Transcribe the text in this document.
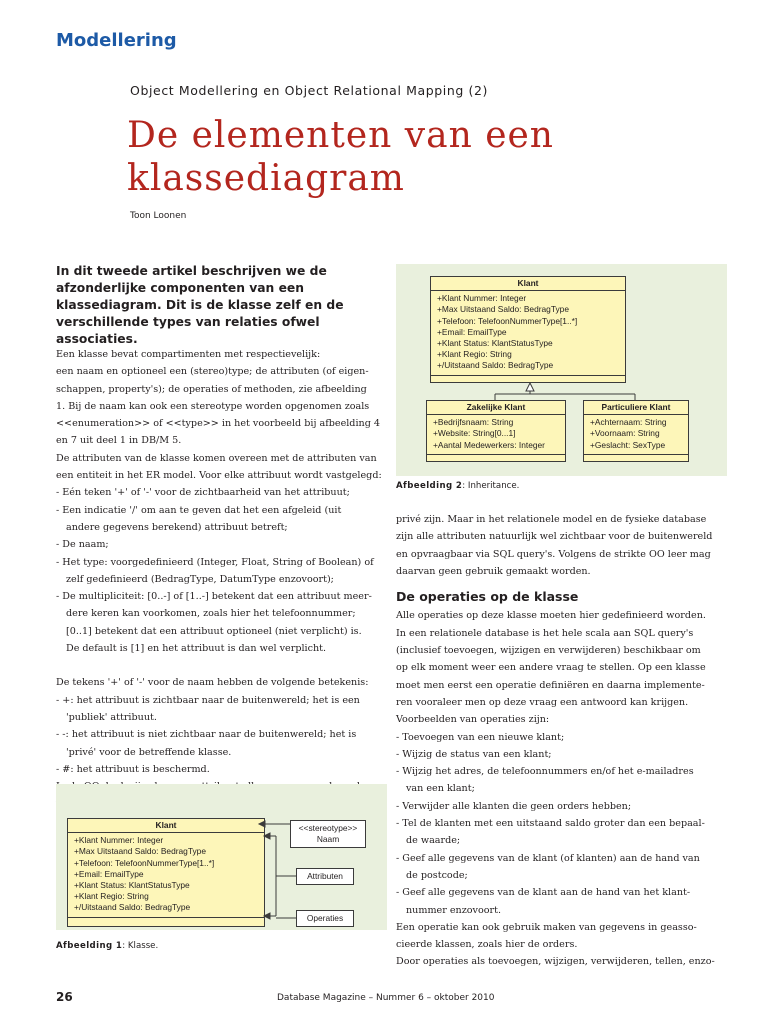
Modellering
Object Modellering en Object Relational Mapping (2)
De elementen van een
klassediagram
Toon Loonen
In dit tweede artikel beschrijven we de afzonderlijke componenten van een klassediagram. Dit is de klasse zelf en de verschillende types van relaties ofwel associaties.

Een klasse bevat compartimenten met respectievelijk:

een naam en optioneel een (stereo)type; de attributen (of eigen-

schappen, property's); de operaties of methoden, zie afbeelding

1. Bij de naam kan ook een stereotype worden opgenomen zoals

<<enumeration>> of <<type>> in het voorbeeld bij afbeelding 4

en 7 uit deel 1 in DB/M 5.

De attributen van de klasse komen overeen met de attributen van

een entiteit in het ER model. Voor elke attribuut wordt vastgelegd:

- Eén teken '+' of '-' voor de zichtbaarheid van het attribuut;

- Een indicatie '/' om aan te geven dat het een afgeleid (uit

andere gegevens berekend) attribuut betreft;

- De naam;

- Het type: voorgedefinieerd (Integer, Float, String of Boolean) of

zelf gedefinieerd (BedragType, DatumType enzovoort);

- De multipliciteit: [0..-] of [1..-] betekent dat een attribuut meer-

dere keren kan voorkomen, zoals hier het telefoonnummer;

[0..1] betekent dat een attribuut optioneel (niet verplicht) is.

De default is [1] en het attribuut is dan wel verplicht.

De tekens '+' of '-' voor de naam hebben de volgende betekenis:

- +: het attribuut is zichtbaar naar de buitenwereld; het is een

'publiek' attribuut.

- -: het attribuut is niet zichtbaar naar de buitenwereld; het is

'privé' voor de betreffende klasse.

- #: het attribuut is beschermd.

Klant
+Klant Nummer: Integer
+Max Uitstaand Saldo: BedragType
+Telefoon: TelefoonNummerType[1..*]
+Email: EmailType
+Klant Status: KlantStatusType
+Klant Regio: String
+/Uitstaand Saldo: BedragType
<<stereotype>>
Naam
Attributen
Operaties
Afbeelding 1: Klasse.
Klant
+Klant Nummer: Integer
+Max Uitstaand Saldo: BedragType
+Telefoon: TelefoonNummerType[1..*]
+Email: EmailType
+Klant Status: KlantStatusType
+Klant Regio: String
+/Uitstaand Saldo: BedragType
Zakelijke Klant
+Bedrijfsnaam: String
+Website: String[0...1]
+Aantal Medewerkers: Integer
Particuliere Klant
+Achternaam: String
+Voornaam: String
+Geslacht: SexType
Afbeelding 2: Inheritance.

privé zijn. Maar in het relationele model en de fysieke database

zijn alle attributen natuurlijk wel zichtbaar voor de buitenwereld

en opvraagbaar via SQL query's. Volgens de strikte OO leer mag

daarvan geen gebruik gemaakt worden.

De operaties op de klasse

Alle operaties op deze klasse moeten hier gedefinieerd worden.

In een relationele database is het hele scala aan SQL query's

(inclusief toevoegen, wijzigen en verwijderen) beschikbaar om

op elk moment weer een andere vraag te stellen. Op een klasse

moet men eerst een operatie definiëren en daarna implemente-

ren vooraleer men op deze vraag een antwoord kan krijgen.

Voorbeelden van operaties zijn:

- Toevoegen van een nieuwe klant;

- Wijzig de status van een klant;

- Wijzig het adres, de telefoonnummers en/of het e-mailadres

van een klant;

- Verwijder alle klanten die geen orders hebben;

- Tel de klanten met een uitstaand saldo groter dan een bepaal-

de waarde;

- Geef alle gegevens van de klant (of klanten) aan de hand van

de postcode;

- Geef alle gegevens van de klant aan de hand van het klant-

nummer enzovoort.

Een operatie kan ook gebruik maken van gegevens in geasso-

cieerde klassen, zoals hier de orders.

Door operaties als toevoegen, wijzigen, verwijderen, tellen, enzo-

26	Database Magazine – Nummer 6 – oktober 2010
